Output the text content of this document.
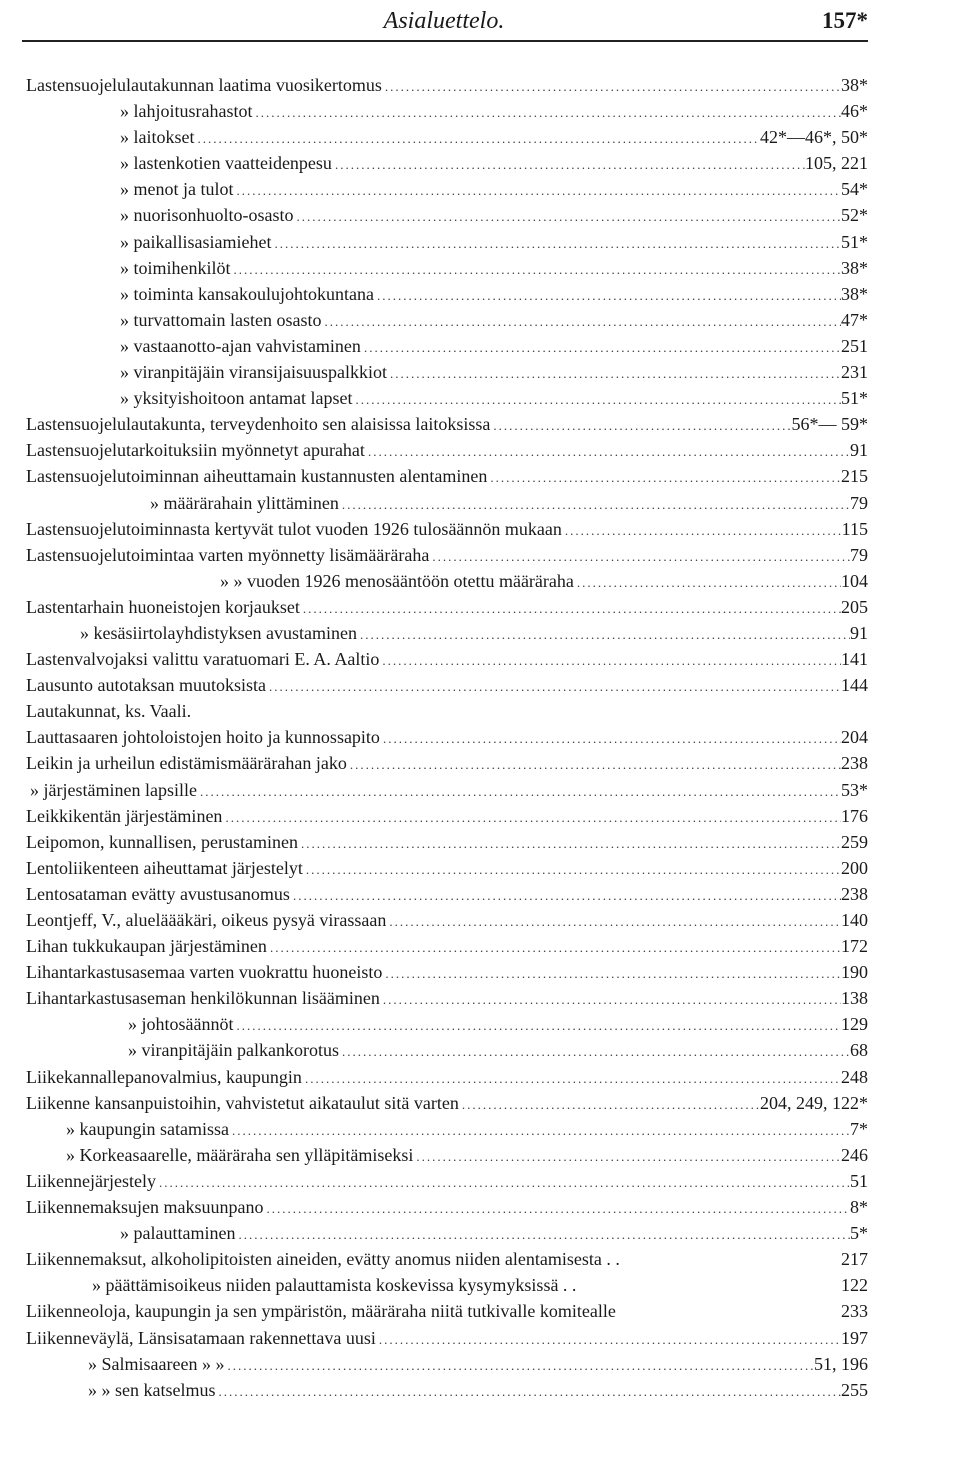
Asialuettelo.	157*
Lastensuojelulautakunnan laatima vuosikertomus .....	38*
» lahjoitusrahastot .....	46*
» laitokset .....	42*—46*, 50*
» lastenkotien vaatteidenpesu .....	105, 221
» menot ja tulot .....	54*
» nuorisonhuolto-osasto .....	52*
» paikallisasiamiehet .....	51*
» toimihenkilöt .....	38*
» toiminta kansakoulujohtokuntana .....	38*
» turvattomain lasten osasto .....	47*
» vastaanotto-ajan vahvistaminen .....	251
» viranpitäjäin viransijaisuuspalkkiot .....	231
» yksityishoitoon antamat lapset .....	51*
Lastensuojelulautakunta, terveydenhoito sen alaisissa laitoksissa .....	56*— 59*
Lastensuojelutarkoituksiin myönnetyt apurahat .....	91
Lastensuojelutoiminnan aiheuttamain kustannusten alentaminen .....	215
» määrärahain ylittäminen .....	79
Lastensuojelutoiminnasta kertyvät tulot vuoden 1926 tulosäännön mukaan .....	115
Lastensuojelutoimintaa varten myönnetty lisämääräraha .....	79
» » vuoden 1926 menosääntöön otettu määräraha .....	104
Lastentarhain huoneistojen korjaukset .....	205
» kesäsiirtolayhdistyksen avustaminen .....	91
Lastenvalvojaksi valittu varatuomari E. A. Aaltio .....	141
Lausunto autotaksan muutoksista .....	144
Lautakunnat, ks. Vaali.
Lauttasaaren johtoloistojen hoito ja kunnossapito .....	204
Leikin ja urheilun edistämismäärärahan jako .....	238
» järjestäminen lapsille .....	53*
Leikkikentän järjestäminen .....	176
Leipomon, kunnallisen, perustaminen .....	259
Lentoliikenteen aiheuttamat järjestelyt .....	200
Lentosataman evätty avustusanomus .....	238
Leontjeff, V., alueläääkäri, oikeus pysyä virassaan .....	140
Lihan tukkukaupan järjestäminen .....	172
Lihantarkastusasemaa varten vuokrattu huoneisto .....	190
Lihantarkastusaseman henkilökunnan lisääminen .....	138
» johtosäännöt .....	129
» viranpitäjäin palkankorotus .....	68
Liikekannallepanovalmius, kaupungin .....	248
Liikenne kansanpuistoihin, vahvistetut aikataulut sitä varten .....	204, 249, 122*
» kaupungin satamissa .....	7*
» Korkeasaarelle, määräraha sen ylläpitämiseksi .....	246
Liikennejärjestely .....	51
Liikennemaksujen maksuunpano .....	8*
» palauttaminen .....	5*
Liikennemaksut, alkoholipitoisten aineiden, evätty anomus niiden alentamisesta . .	217
» päättämisoikeus niiden palauttamista koskevissa kysymyksissä . .	122
Liikenneoloja, kaupungin ja sen ympäristön, määräraha niitä tutkivalle komitealle	233
Liikenneväylä, Länsisatamaan rakennettava uusi .....	197
» Salmisaareen » » .....	51, 196
» » sen katselmus .....	255
